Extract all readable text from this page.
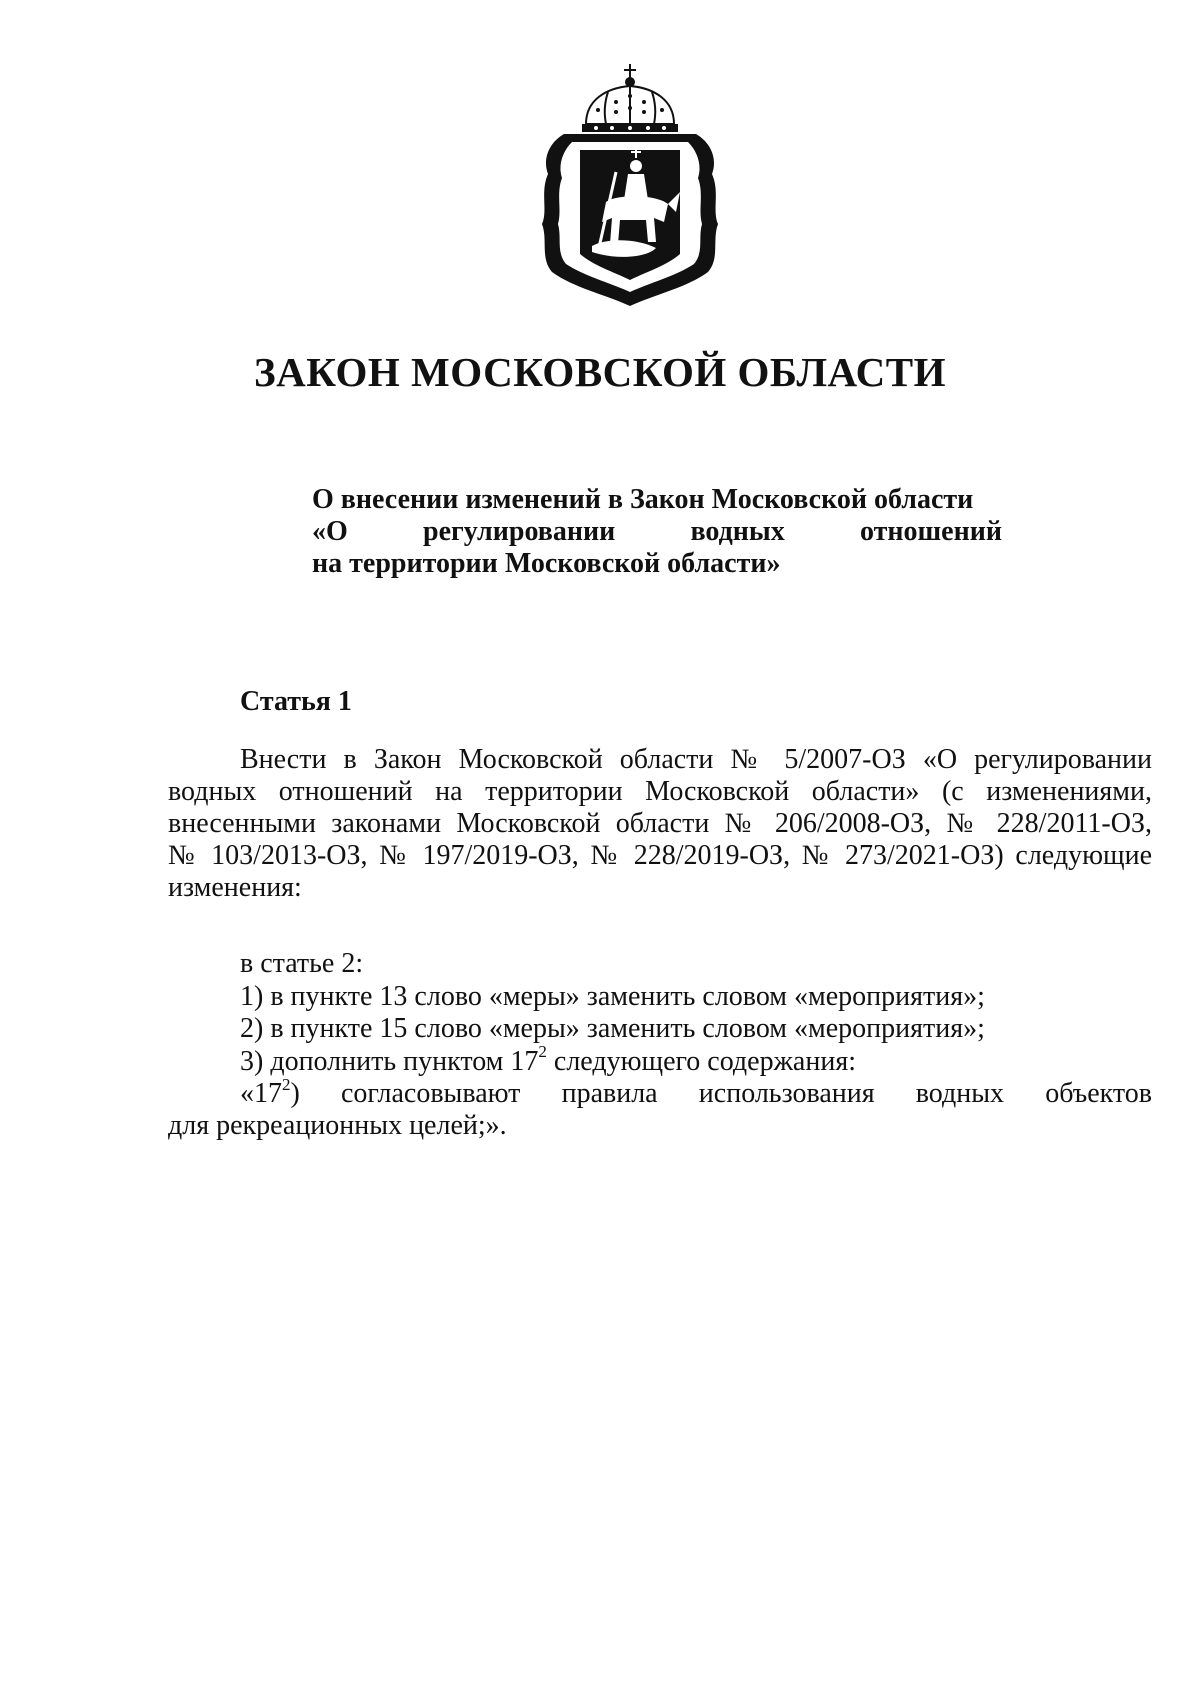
ЗАКОН МОСКОВСКОЙ ОБЛАСТИ

О внесении изменений в Закон Московской области
«О регулировании водных отношений
на территории Московской области»

Статья 1

Внести в Закон Московской области № 5/2007-ОЗ «О регулировании
водных отношений на территории Московской области» (с изменениями,
внесенными законами Московской области № 206/2008-ОЗ, № 228/2011-ОЗ,
№ 103/2013-ОЗ, № 197/2019-ОЗ, № 228/2019-ОЗ, № 273/2021-ОЗ) следующие
изменения:

в статье 2:
1) в пункте 13 слово «меры» заменить словом «мероприятия»;
2) в пункте 15 слово «меры» заменить словом «мероприятия»;
3) дополнить пунктом $17^2$ следующего содержания:
«$17^2$) согласовывают правила использования водных объектов
для рекреационных целей;».
